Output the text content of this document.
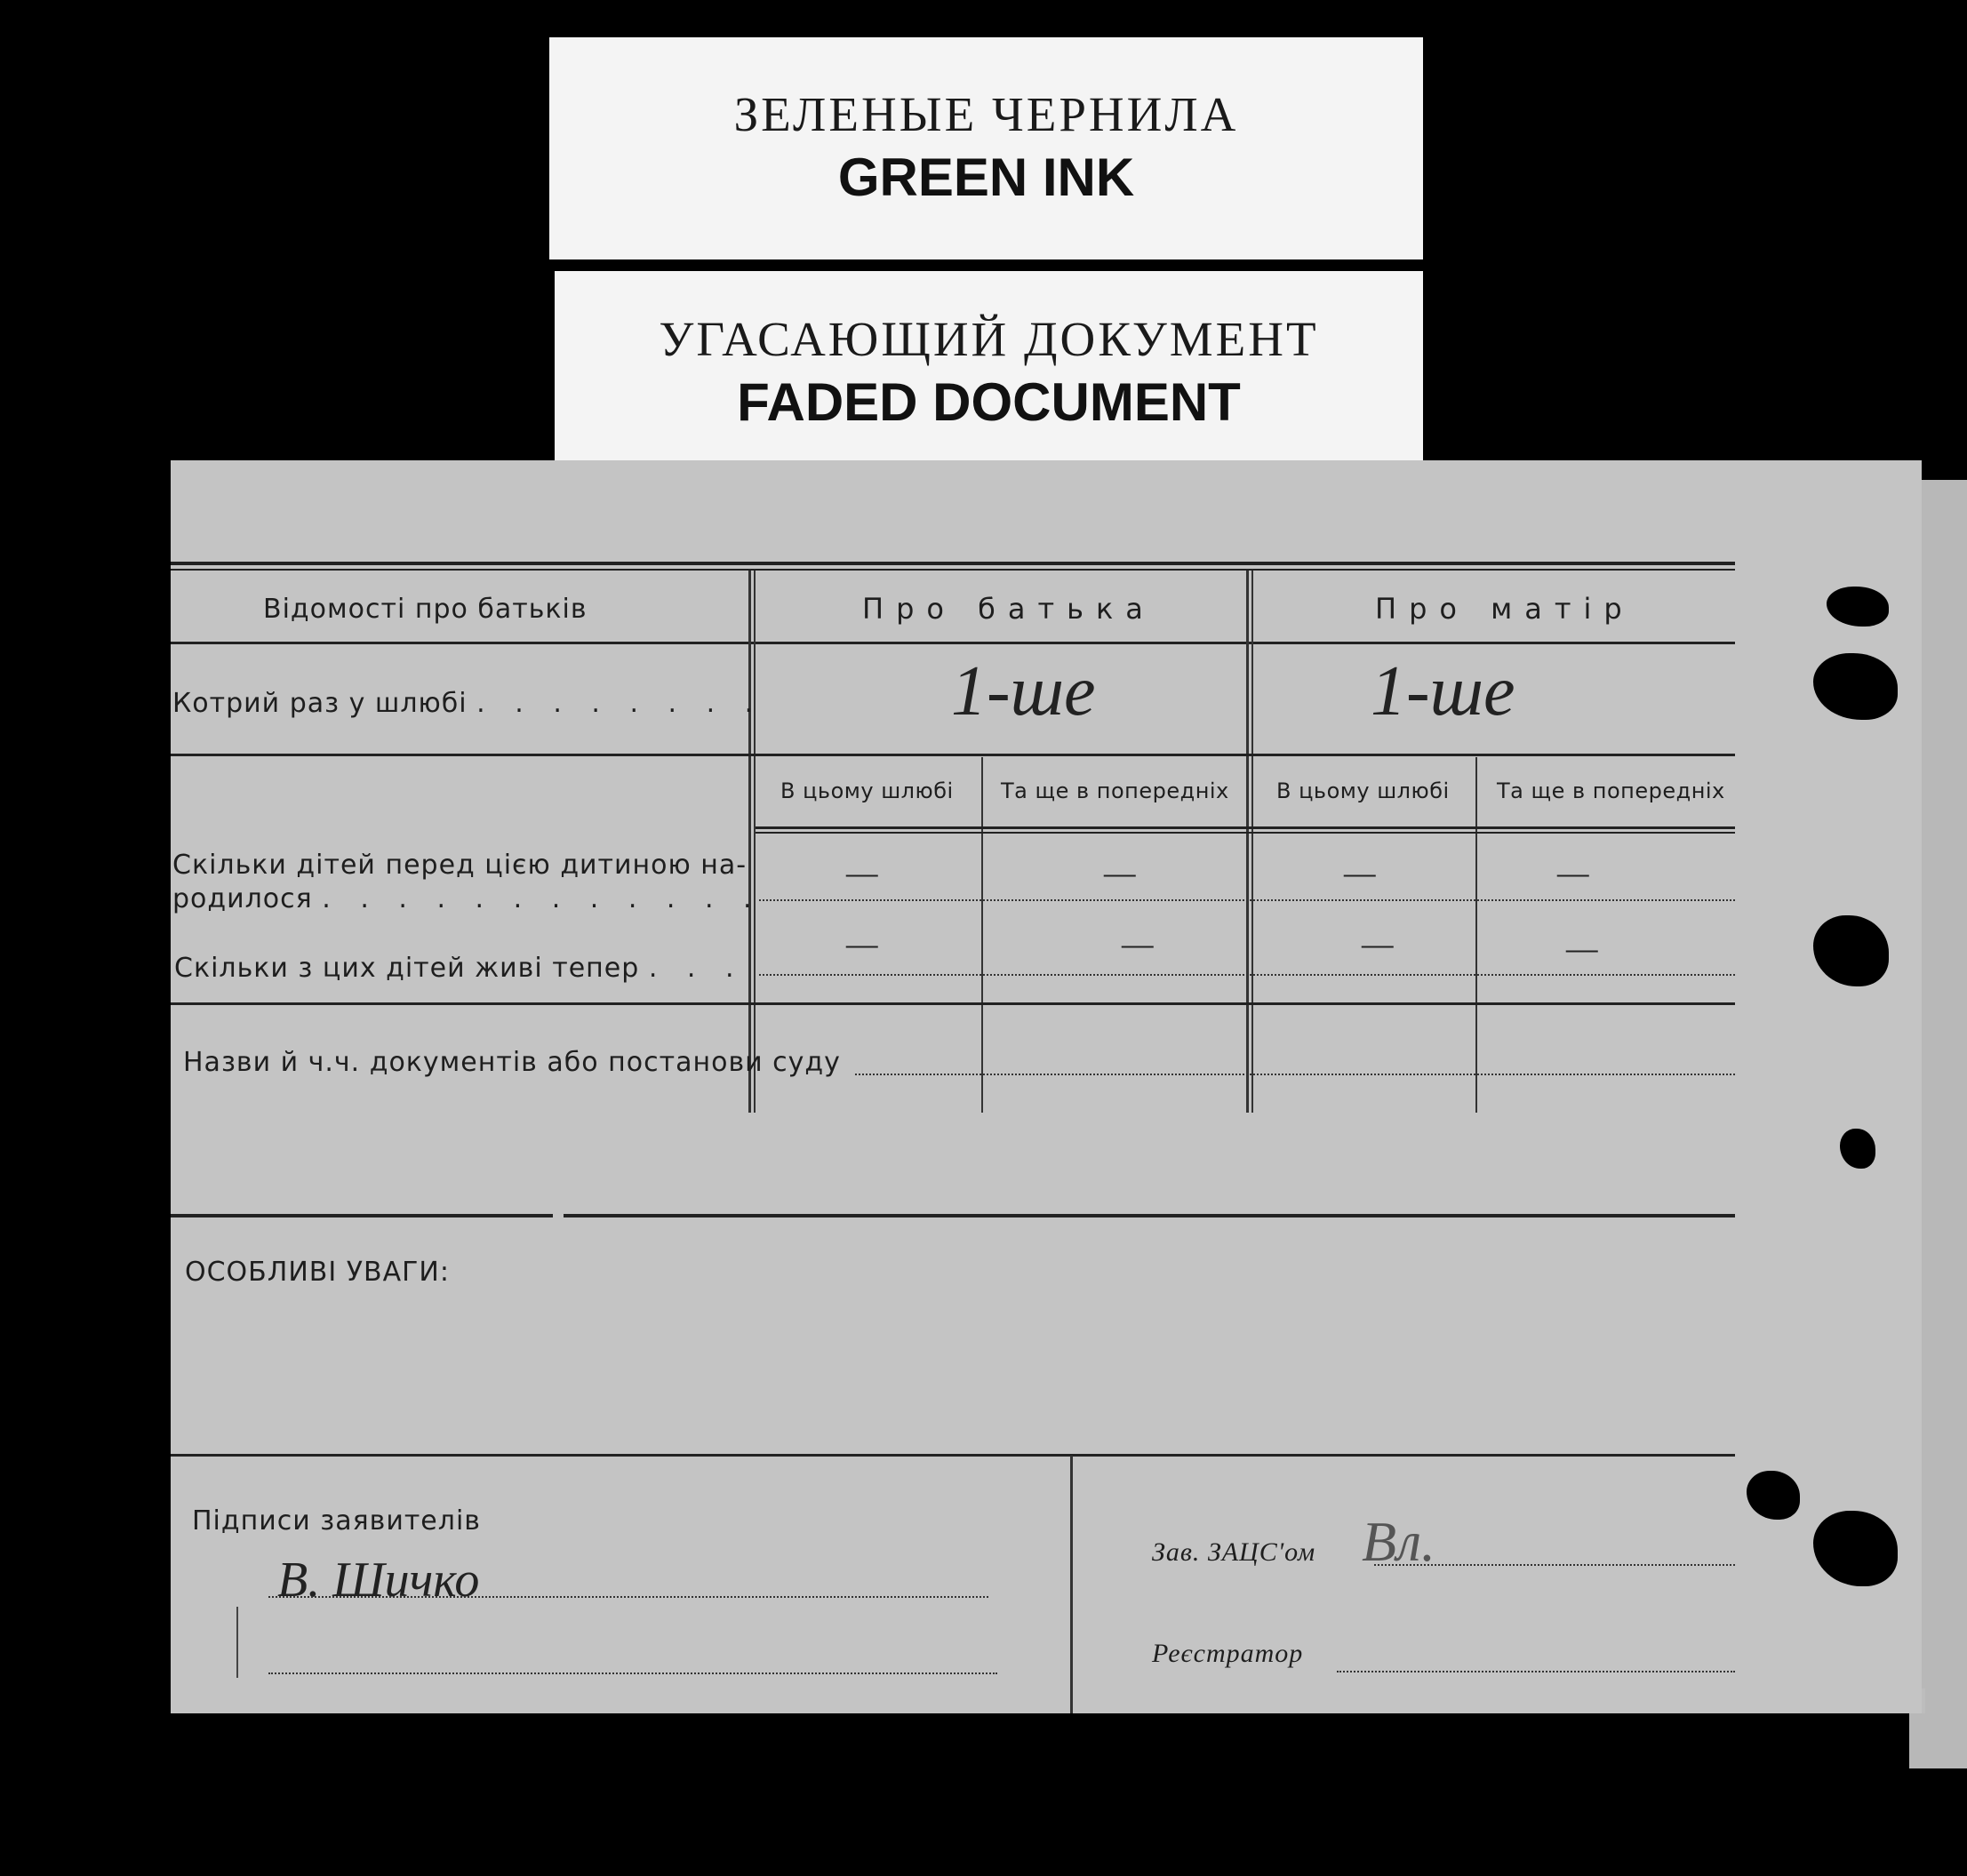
ЗЕЛЕНЫЕ ЧЕРНИЛА
GREEN INK
УГАСАЮЩИЙ ДОКУМЕНТ
FADED DOCUMENT
Відомості про батьків	Про батька	Про матір
Котрий раз у шлюбі . . . . . . . .	1-ше	1-ше
В цьому шлюбі Та ще в попередніх В цьому шлюбі Та ще в попередніх
Скільки дітей перед цією дитиною на-
родилося . . . . . . . . . . . .
—	—	—	—
Скільки з цих дітей живі тепер . . .
—	—	—	—
Назви й ч.ч. документів або постанови суду
ОСОБЛИВІ УВАГИ:
Підписи заявителів
В. Шичко
Зав. ЗАЦС'ом Вл.
Реєстратор
